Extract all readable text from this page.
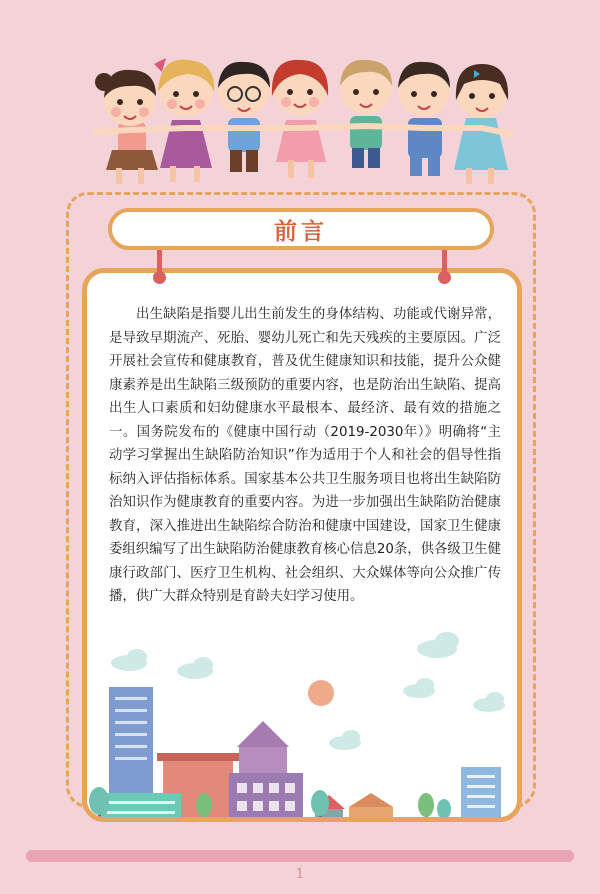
　　出生缺陷是指婴儿出生前发生的身体结构、功能或代谢异常，是导致早期流产、死胎、婴幼儿死亡和先天残疾的主要原因。广泛开展社会宣传和健康教育，普及优生健康知识和技能，提升公众健康素养是出生缺陷三级预防的重要内容，也是防治出生缺陷、提高出生人口素质和妇幼健康水平最根本、最经济、最有效的措施之一。国务院发布的《健康中国行动（2019-2030年）》明确将“主动学习掌握出生缺陷防治知识”作为适用于个人和社会的倡导性指标纳入评估指标体系。国家基本公共卫生服务项目也将出生缺陷防治知识作为健康教育的重要内容。为进一步加强出生缺陷防治健康教育，深入推进出生缺陷综合防治和健康中国建设，国家卫生健康委组织编写了出生缺陷防治健康教育核心信息20条，供各级卫生健康行政部门、医疗卫生机构、社会组织、大众媒体等向公众推广传播，供广大群众特别是育龄夫妇学习使用。

前言
1
